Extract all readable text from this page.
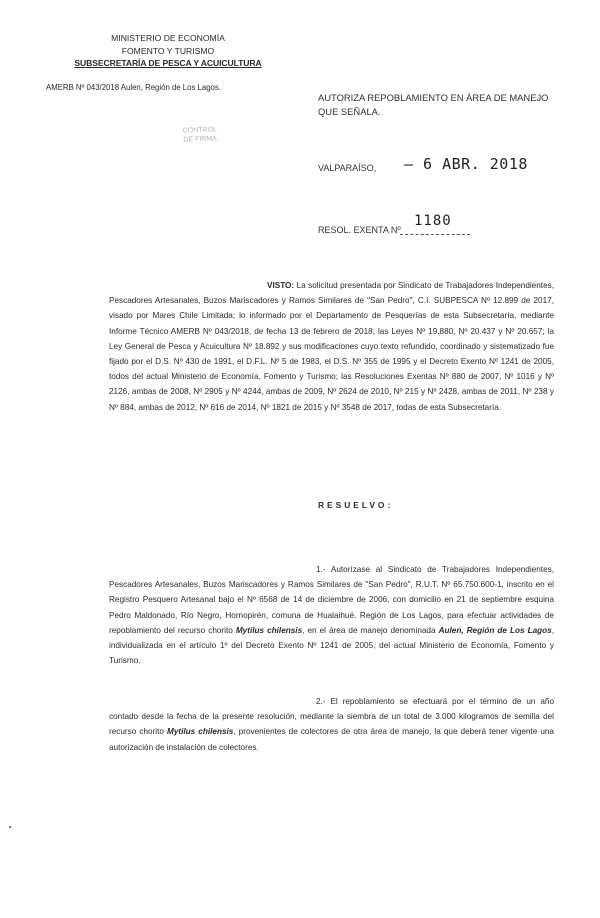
MINISTERIO DE ECONOMÍA
FOMENTO Y TURISMO
SUBSECRETARÍA DE PESCA Y ACUICULTURA
AMERB Nº 043/2018 Aulen, Región de Los Lagos.
CONTROL
DE FIRMA
AUTORIZA REPOBLAMIENTO EN ÁREA DE MANEJO QUE SEÑALA.
VALPARAÍSO, – 6 ABR. 2018
RESOL. EXENTA Nº
1180
VISTO: La solicitud presentada por Sindicato de Trabajadores Independientes, Pescadores Artesanales, Buzos Mariscadores y Ramos Similares de "San Pedro", C.I. SUBPESCA Nº 12.899 de 2017, visado por Mares Chile Limitada; lo informado por el Departamento de Pesquerías de esta Subsecretaría, mediante Informe Técnico AMERB Nº 043/2018, de fecha 13 de febrero de 2018; las Leyes Nº 19.880, Nº 20.437 y Nº 20.657; la Ley General de Pesca y Acuicultura Nº 18.892 y sus modificaciones cuyo texto refundido, coordinado y sistematizado fue fijado por el D.S. Nº 430 de 1991, el D.F.L. Nº 5 de 1983, el D.S. Nº 355 de 1995 y el Decreto Exento Nº 1241 de 2005, todos del actual Ministerio de Economía, Fomento y Turismo; las Resoluciones Exentas Nº 880 de 2007, Nº 1016 y Nº 2126, ambas de 2008, Nº 2905 y Nº 4244, ambas de 2009, Nº 2624 de 2010, Nº 215 y Nº 2428, ambas de 2011, Nº 238 y Nº 884, ambas de 2012, Nº 616 de 2014, Nº 1821 de 2015 y Nº 3548 de 2017, todas de esta Subsecretaría.
RESUELVO:
1.- Autorízase al Sindicato de Trabajadores Independientes, Pescadores Artesanales, Buzos Mariscadores y Ramos Similares de "San Pedro", R.U.T. Nº 65.750.600-1, inscrito en el Registro Pesquero Artesanal bajo el Nº 6568 de 14 de diciembre de 2006, con domicilio en 21 de septiembre esquina Pedro Maldonado, Río Negro, Hornopirén, comuna de Hualaihué, Región de Los Lagos, para efectuar actividades de repoblamiento del recurso chorito Mytilus chilensis, en el área de manejo denominada Aulen, Región de Los Lagos, individualizada en el artículo 1º del Decreto Exento Nº 1241 de 2005, del actual Ministerio de Economía, Fomento y Turismo.
2.- El repoblamiento se efectuará por el término de un año contado desde la fecha de la presente resolución, mediante la siembra de un total de 3.000 kilogramos de semilla del recurso chorito Mytilus chilensis, provenientes de colectores de otra área de manejo, la que deberá tener vigente una autorización de instalación de colectores.
